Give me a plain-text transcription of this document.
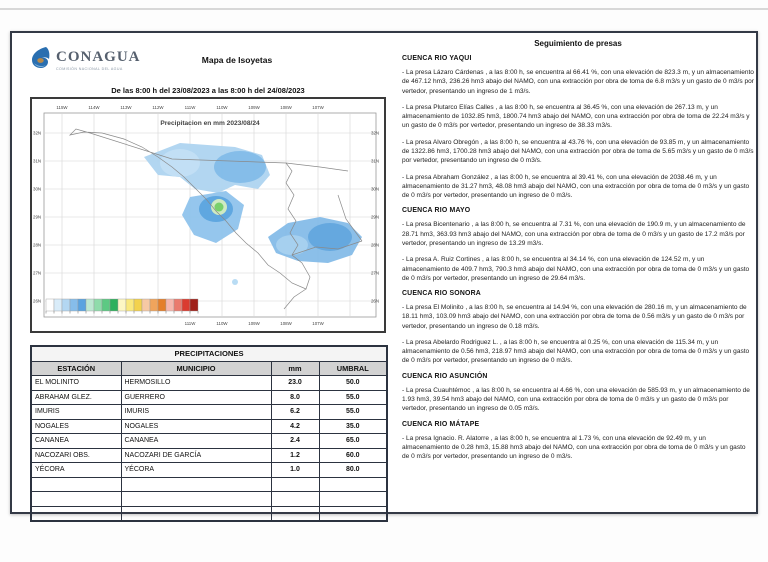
CONAGUA
COMISIÓN NACIONAL DEL AGUA
Mapa de Isoyetas
De las 8:00 h del 23/08/2023 a las 8:00 h del 24/08/2023
115W	114W	113W	112W	111W	110W	109W	108W	107W
32N	32N
31N	31N
30N	30N
29N	29N
28N	28N
27N	27N
26N	26N
111W	110W	109W	108W	107W
Precipitacion en mm 2023/08/24
PRECIPITACIONES			
ESTACIÓN	MUNICIPIO	mm	UMBRAL
EL MOLINITO	HERMOSILLO	23.0	50.0
ABRAHAM GLEZ.	GUERRERO	8.0	55.0
IMURIS	IMURIS	6.2	55.0
NOGALES	NOGALES	4.2	35.0
CANANEA	CANANEA	2.4	65.0
NACOZARI OBS.	NACOZARI DE GARCÍA	1.2	60.0
YÉCORA	YÉCORA	1.0	80.0

Seguimiento de presas
CUENCA RIO YAQUI
- La presa Lázaro Cárdenas , a las 8:00 h, se encuentra al 66.41 %, con una elevación de 823.3 m, y un almacenamiento de 467.12 hm3, 236.26 hm3 abajo del NAMO, con una extracción por obra de toma de 6.8 m3/s y un gasto de 0 m3/s por vertedor, presentando un ingreso de 1 m3/s.
- La presa Plutarco Elías Calles , a las 8:00 h, se encuentra al 36.45 %, con una elevación de 267.13 m, y un almacenamiento de 1032.85 hm3, 1800.74 hm3 abajo del NAMO, con una extracción por obra de toma de 22.24 m3/s y un gasto de 0 m3/s por vertedor, presentando un ingreso de 38.33 m3/s.
- La presa Alvaro Obregón , a las 8:00 h, se encuentra al 43.76 %, con una elevación de 93.85 m, y un almacenamiento de 1322.86 hm3, 1700.28 hm3 abajo del NAMO, con una extracción por obra de toma de 5.65 m3/s y un gasto de 0 m3/s por vertedor, presentando un ingreso de 0 m3/s.
- La presa Abraham González , a las 8:00 h, se encuentra al 39.41 %, con una elevación de 2038.46 m, y un almacenamiento de 31.27 hm3, 48.08 hm3 abajo del NAMO, con una extracción por obra de toma de 0 m3/s y un gasto de 0 m3/s por vertedor, presentando un ingreso de 0 m3/s.
CUENCA RIO MAYO
- La presa Bicentenario , a las 8:00 h, se encuentra al 7.31 %, con una elevación de 190.9 m, y un almacenamiento de 28.71 hm3, 363.93 hm3 abajo del NAMO, con una extracción por obra de toma de 0 m3/s y un gasto de 17.2 m3/s por vertedor, presentando un ingreso de 13.29 m3/s.
- La presa A. Ruiz Cortines , a las 8:00 h, se encuentra al 34.14 %, con una elevación de 124.52 m, y un almacenamiento de 409.7 hm3, 790.3 hm3 abajo del NAMO, con una extracción por obra de toma de 0 m3/s y un gasto de 0 m3/s por vertedor, presentando un ingreso de 29.64 m3/s.
CUENCA RIO SONORA
- La presa El Molinito , a las 8:00 h, se encuentra al 14.94 %, con una elevación de 280.16 m, y un almacenamiento de 18.11 hm3, 103.09 hm3 abajo del NAMO, con una extracción por obra de toma de 0.56 m3/s y un gasto de 0 m3/s por vertedor, presentando un ingreso de 0.18 m3/s.
- La presa Abelardo Rodriguez L. , a las 8:00 h, se encuentra al 0.25 %, con una elevación de 115.34 m, y un almacenamiento de 0.56 hm3, 218.97 hm3 abajo del NAMO, con una extracción por obra de toma de 0 m3/s y un gasto de 0 m3/s por vertedor, presentando un ingreso de 0 m3/s.
CUENCA RIO ASUNCIÓN
- La presa Cuauhtémoc , a las 8:00 h, se encuentra al 4.66 %, con una elevación de 585.93 m, y un almacenamiento de 1.93 hm3, 39.54 hm3 abajo del NAMO, con una extracción por obra de toma de 0 m3/s y un gasto de 0 m3/s por vertedor, presentando un ingreso de 0.05 m3/s.
CUENCA RIO MÁTAPE
- La presa Ignacio. R. Alatorre , a las 8:00 h, se encuentra al 1.73 %, con una elevación de 92.49 m, y un almacenamiento de 0.28 hm3, 15.88 hm3 abajo del NAMO, con una extracción por obra de toma de 0 m3/s y un gasto de 0 m3/s por vertedor, presentando un ingreso de 0 m3/s.
